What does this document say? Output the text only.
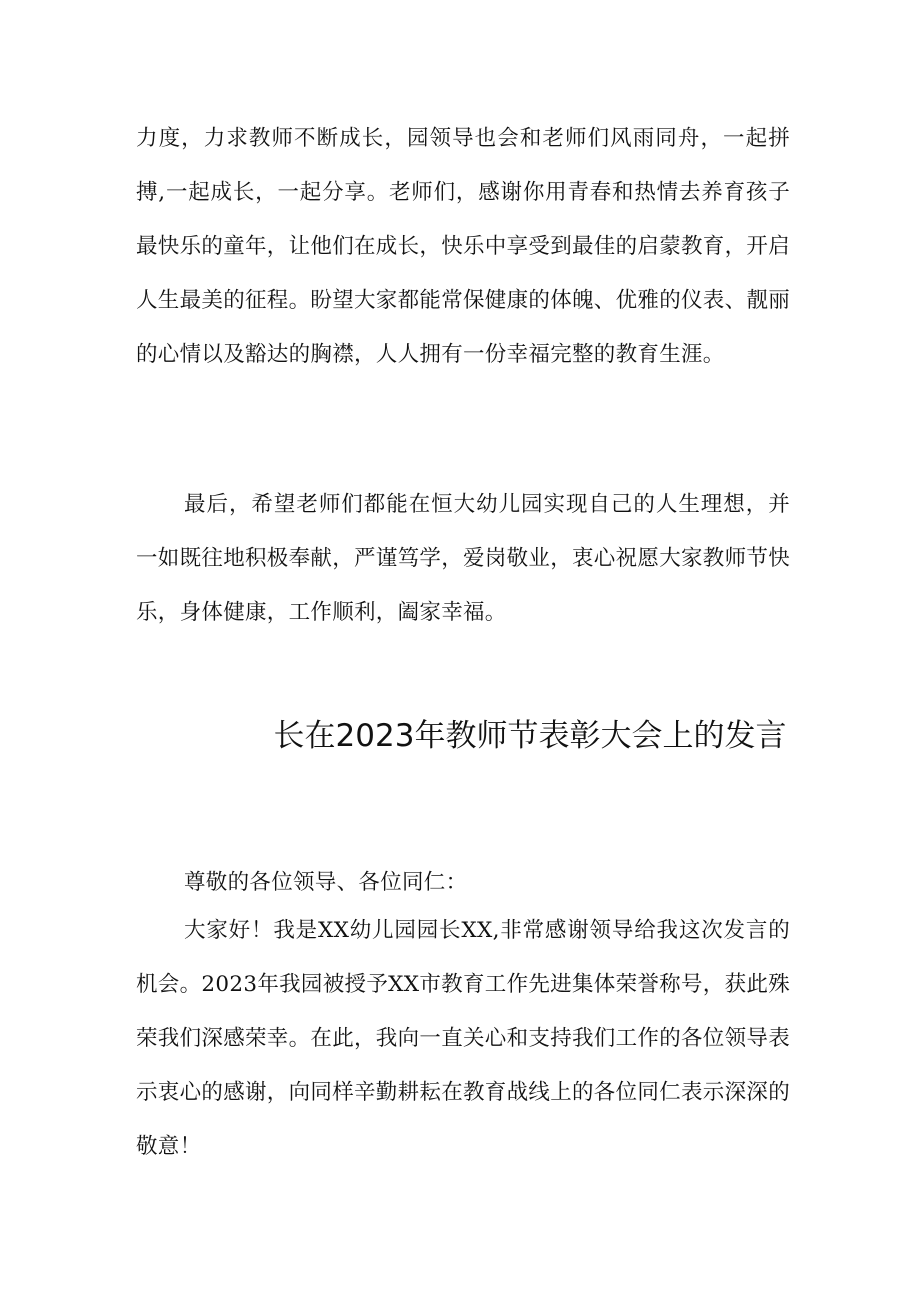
力度，力求教师不断成长，园领导也会和老师们风雨同舟，一起拼搏,一起成长，一起分享。老师们，感谢你用青春和热情去养育孩子最快乐的童年，让他们在成长，快乐中享受到最佳的启蒙教育，开启人生最美的征程。盼望大家都能常保健康的体魄、优雅的仪表、靓丽的心情以及豁达的胸襟，人人拥有一份幸福完整的教育生涯。

最后，希望老师们都能在恒大幼儿园实现自己的人生理想，并一如既往地积极奉献，严谨笃学，爱岗敬业，衷心祝愿大家教师节快乐，身体健康，工作顺利，阖家幸福。

长在2023年教师节表彰大会上的发言

尊敬的各位领导、各位同仁：

大家好！我是XX幼儿园园长XX,非常感谢领导给我这次发言的机会。2023年我园被授予XX市教育工作先进集体荣誉称号，获此殊荣我们深感荣幸。在此，我向一直关心和支持我们工作的各位领导表示衷心的感谢，向同样辛勤耕耘在教育战线上的各位同仁表示深深的敬意！
